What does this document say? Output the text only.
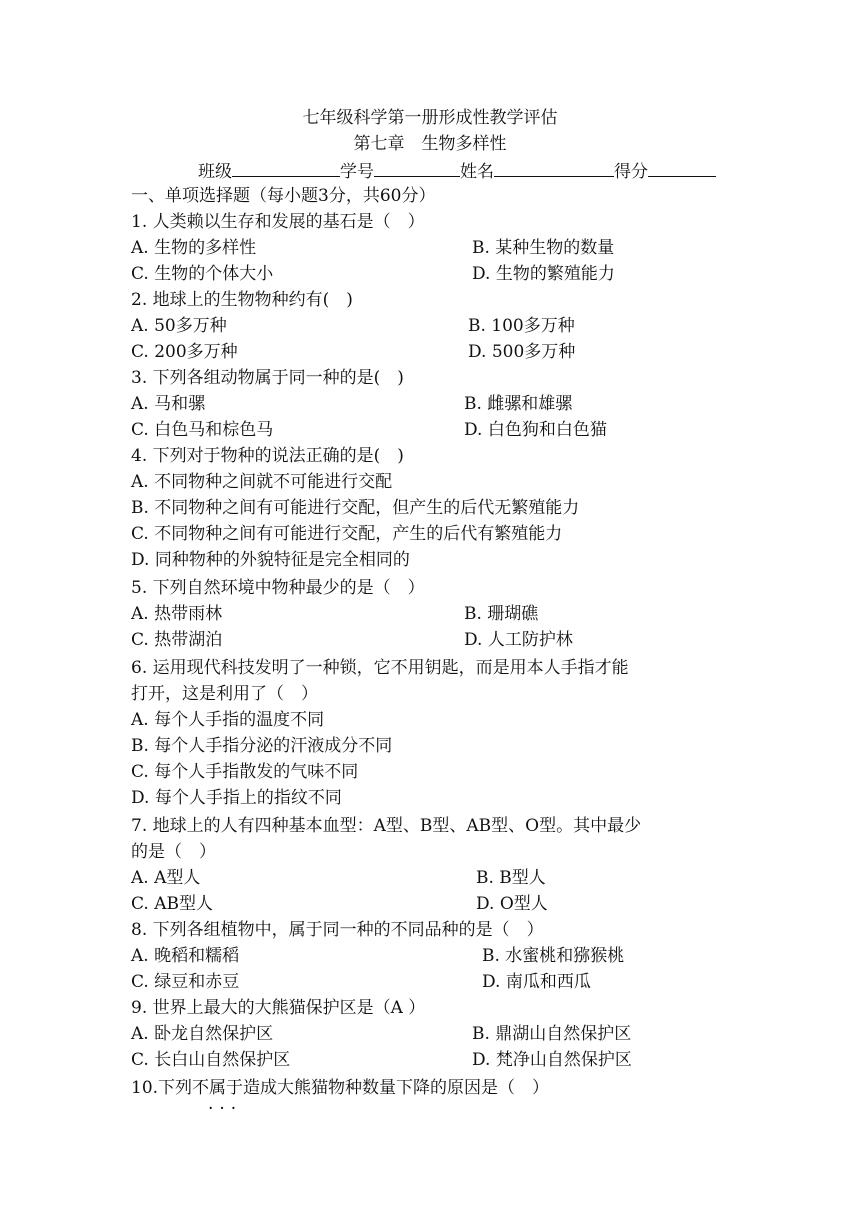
七年级科学第一册形成性教学评估
第七章　生物多样性
班级	学号	姓名	得分
一、单项选择题（每小题3分，共60分）
1. 人类赖以生存和发展的基石是（　）
A. 生物的多样性	B. 某种生物的数量
C. 生物的个体大小	D. 生物的繁殖能力
2. 地球上的生物物种约有(　)
A. 50多万种	B. 100多万种
C. 200多万种	D. 500多万种
3. 下列各组动物属于同一种的是(　)
A. 马和骡	B. 雌骡和雄骡
C. 白色马和棕色马	D. 白色狗和白色猫
4. 下列对于物种的说法正确的是(　)
A. 不同物种之间就不可能进行交配
B. 不同物种之间有可能进行交配，但产生的后代无繁殖能力
C. 不同物种之间有可能进行交配，产生的后代有繁殖能力
D. 同种物种的外貌特征是完全相同的
5. 下列自然环境中物种最少的是（　）
A. 热带雨林	B. 珊瑚礁
C. 热带湖泊	D. 人工防护林
6. 运用现代科技发明了一种锁，它不用钥匙，而是用本人手指才能
打开，这是利用了（　）
A. 每个人手指的温度不同
B. 每个人手指分泌的汗液成分不同
C. 每个人手指散发的气味不同
D. 每个人手指上的指纹不同
7. 地球上的人有四种基本血型：A型、B型、AB型、O型。其中最少
的是（　）
A. A型人	B. B型人
C. AB型人	D. O型人
8. 下列各组植物中，属于同一种的不同品种的是（　）
A. 晚稻和糯稻	B. 水蜜桃和猕猴桃
C. 绿豆和赤豆	D. 南瓜和西瓜
9. 世界上最大的大熊猫保护区是（A ）
A. 卧龙自然保护区	B. 鼎湖山自然保护区
C. 长白山自然保护区	D. 梵净山自然保护区
10.下列不属于造成大熊猫物种数量下降的原因是（　）
···
